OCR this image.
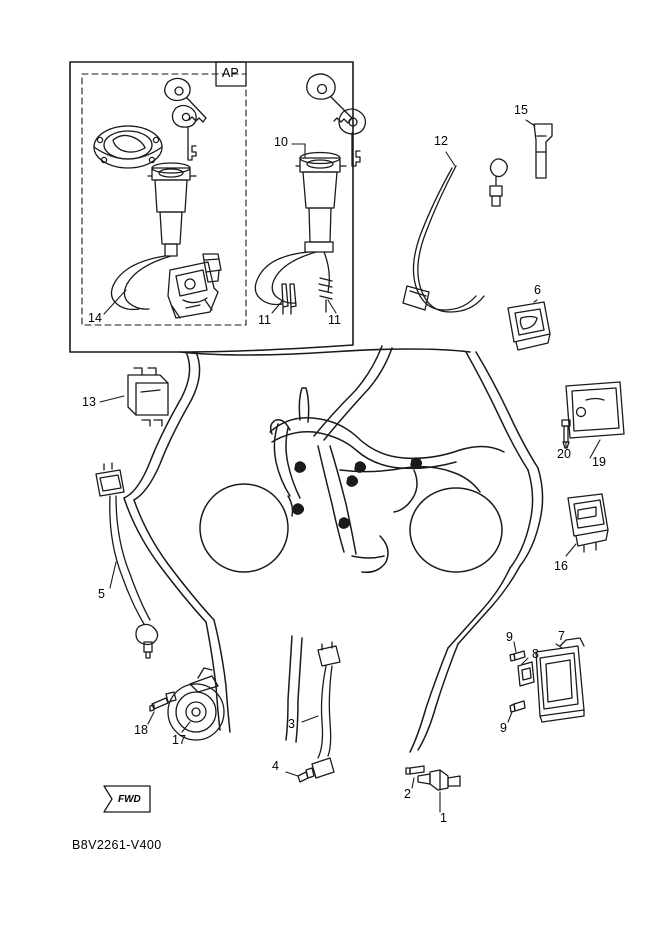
AP
FWD
B8V2261-V400
1
2
3
4
5
6
7
8
9
9
10
11	11
12
13
14
15
16
17
18
19
20
